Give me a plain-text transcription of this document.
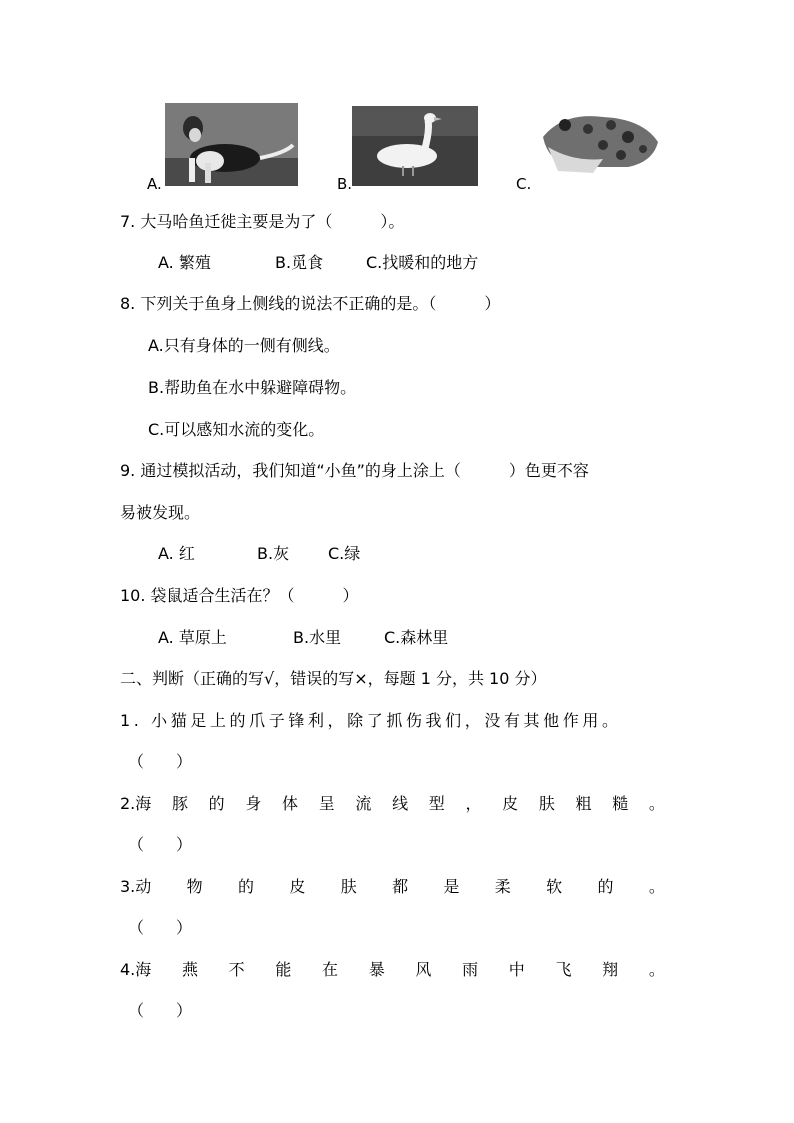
A.	B.	C.
7. 大马哈鱼迁徙主要是为了（　　　）。
A. 繁殖	B.觅食	C.找暖和的地方
8. 下列关于鱼身上侧线的说法不正确的是。（　　　）
A.只有身体的一侧有侧线。
B.帮助鱼在水中躲避障碍物。
C.可以感知水流的变化。
9. 通过模拟活动，我们知道“小鱼”的身上涂上（　　　）色更不容
易被发现。
A. 红	B.灰 C.绿
10. 袋鼠适合生活在？（　　　）
A. 草原上	B.水里	C.森林里
二、判断（正确的写√，错误的写×，每题 1 分，共 10 分）
1. 小猫足上的爪子锋利，除了抓伤我们，没有其他作用。
（　　）
2.海 豚 的 身 体 呈 流 线 型 ， 皮 肤 粗 糙 。
（　　）
3.动 物 的 皮 肤 都 是 柔 软 的 。
（　　）
4.海 燕 不 能 在 暴 风 雨 中 飞 翔 。
（　　）
